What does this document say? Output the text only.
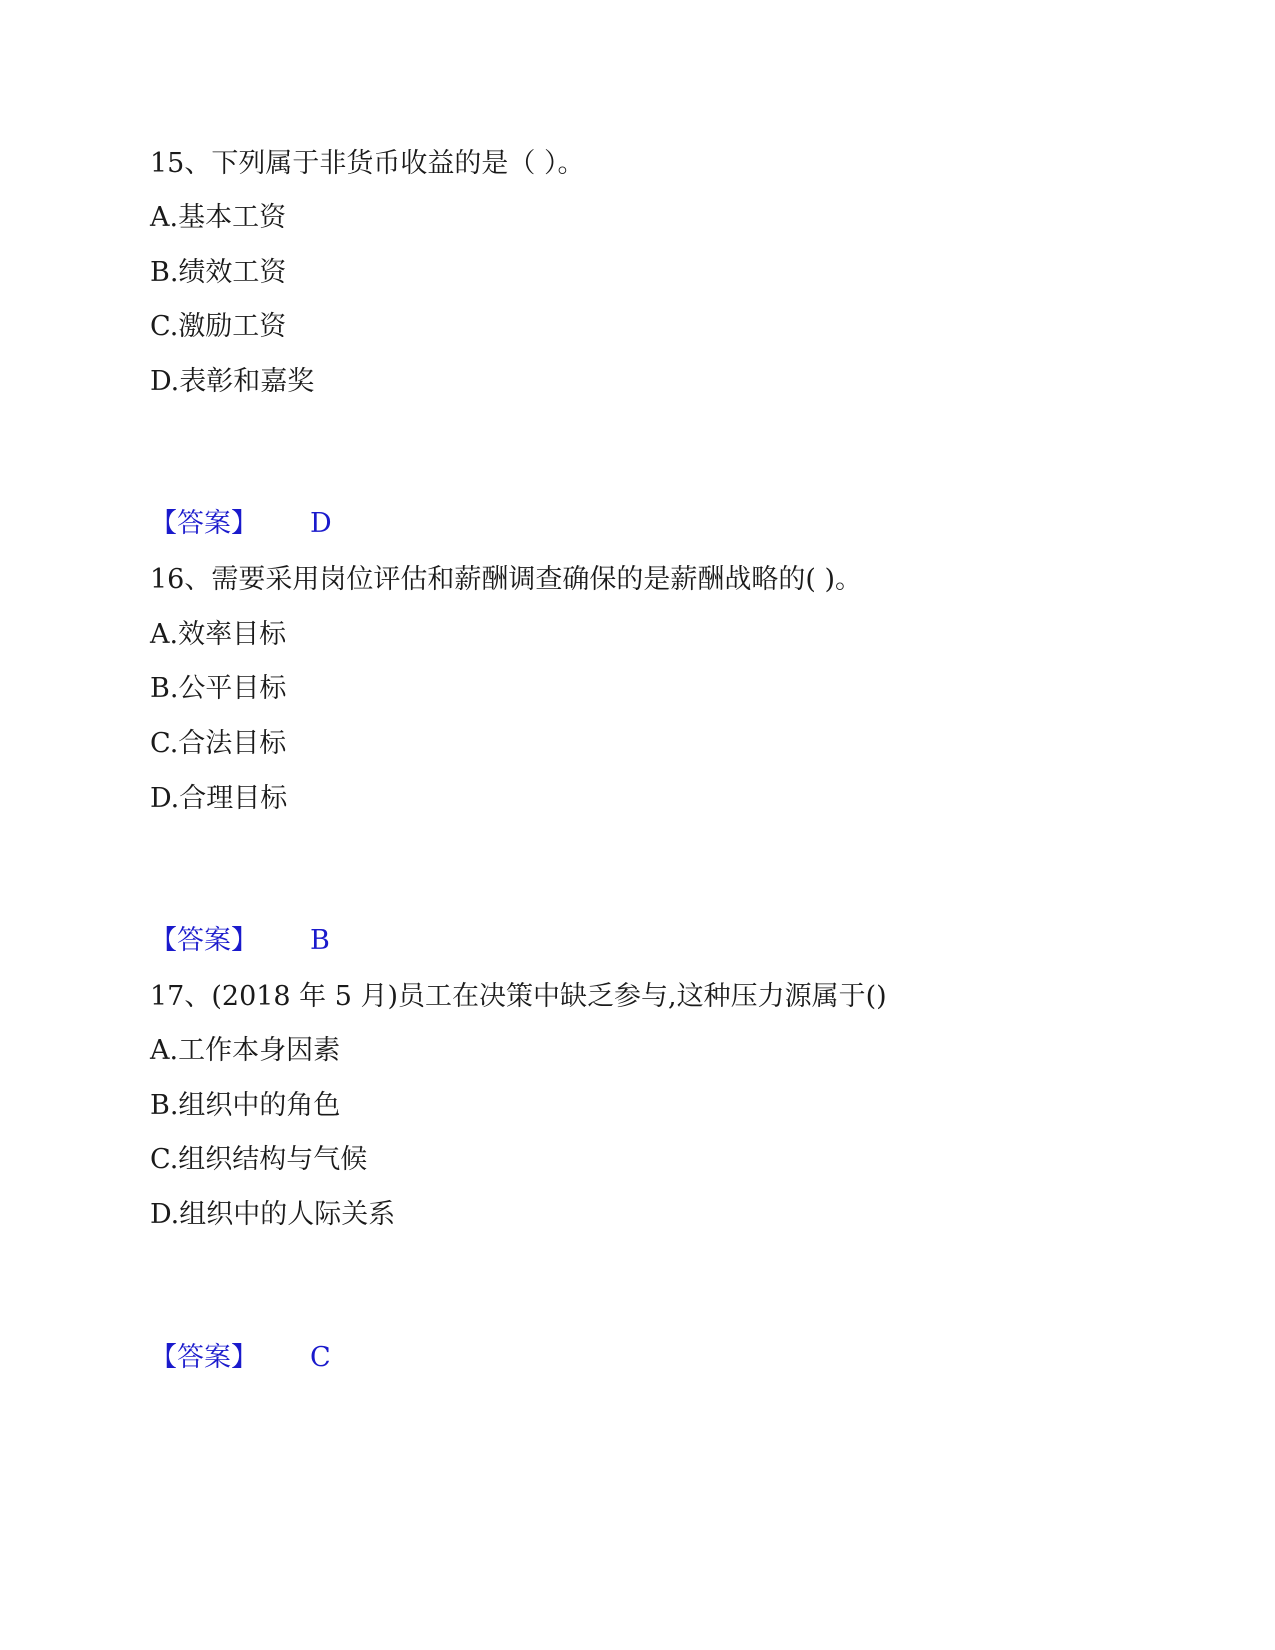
15、下列属于非货币收益的是（ ）。
A.基本工资
B.绩效工资
C.激励工资
D.表彰和嘉奖
【答案】 D
16、需要采用岗位评估和薪酬调查确保的是薪酬战略的( )。
A.效率目标
B.公平目标
C.合法目标
D.合理目标
【答案】 B
17、(2018 年 5 月)员工在决策中缺乏参与,这种压力源属于()
A.工作本身因素
B.组织中的角色
C.组织结构与气候
D.组织中的人际关系
【答案】 C
